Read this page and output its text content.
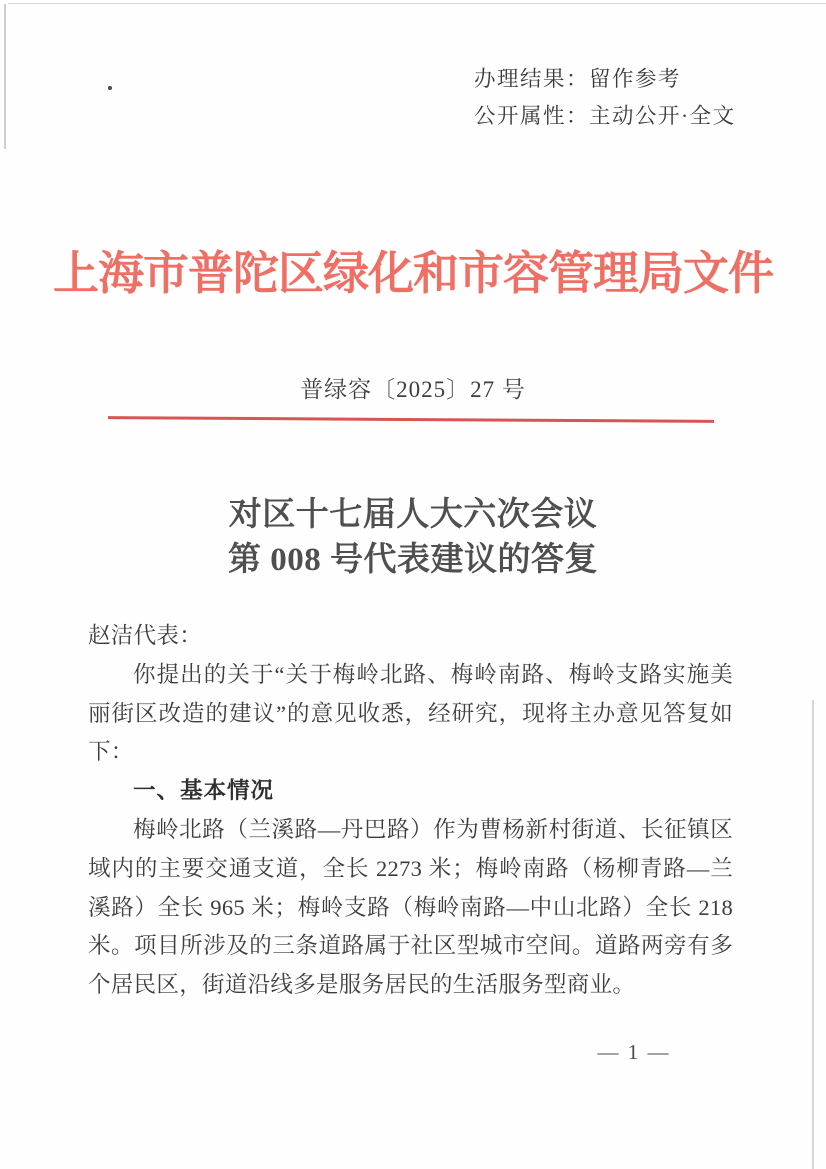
办理结果：留作参考
公开属性：主动公开·全文
上海市普陀区绿化和市容管理局文件
普绿容〔2025〕27 号
对区十七届人大六次会议
第 008 号代表建议的答复
赵洁代表：
你提出的关于“关于梅岭北路、梅岭南路、梅岭支路实施美
丽街区改造的建议”的意见收悉，经研究，现将主办意见答复如
下：
一、基本情况
梅岭北路（兰溪路—丹巴路）作为曹杨新村街道、长征镇区
域内的主要交通支道，全长 2273 米；梅岭南路（杨柳青路—兰
溪路）全长 965 米；梅岭支路（梅岭南路—中山北路）全长 218
米。项目所涉及的三条道路属于社区型城市空间。道路两旁有多
个居民区，街道沿线多是服务居民的生活服务型商业。
— 1 —
